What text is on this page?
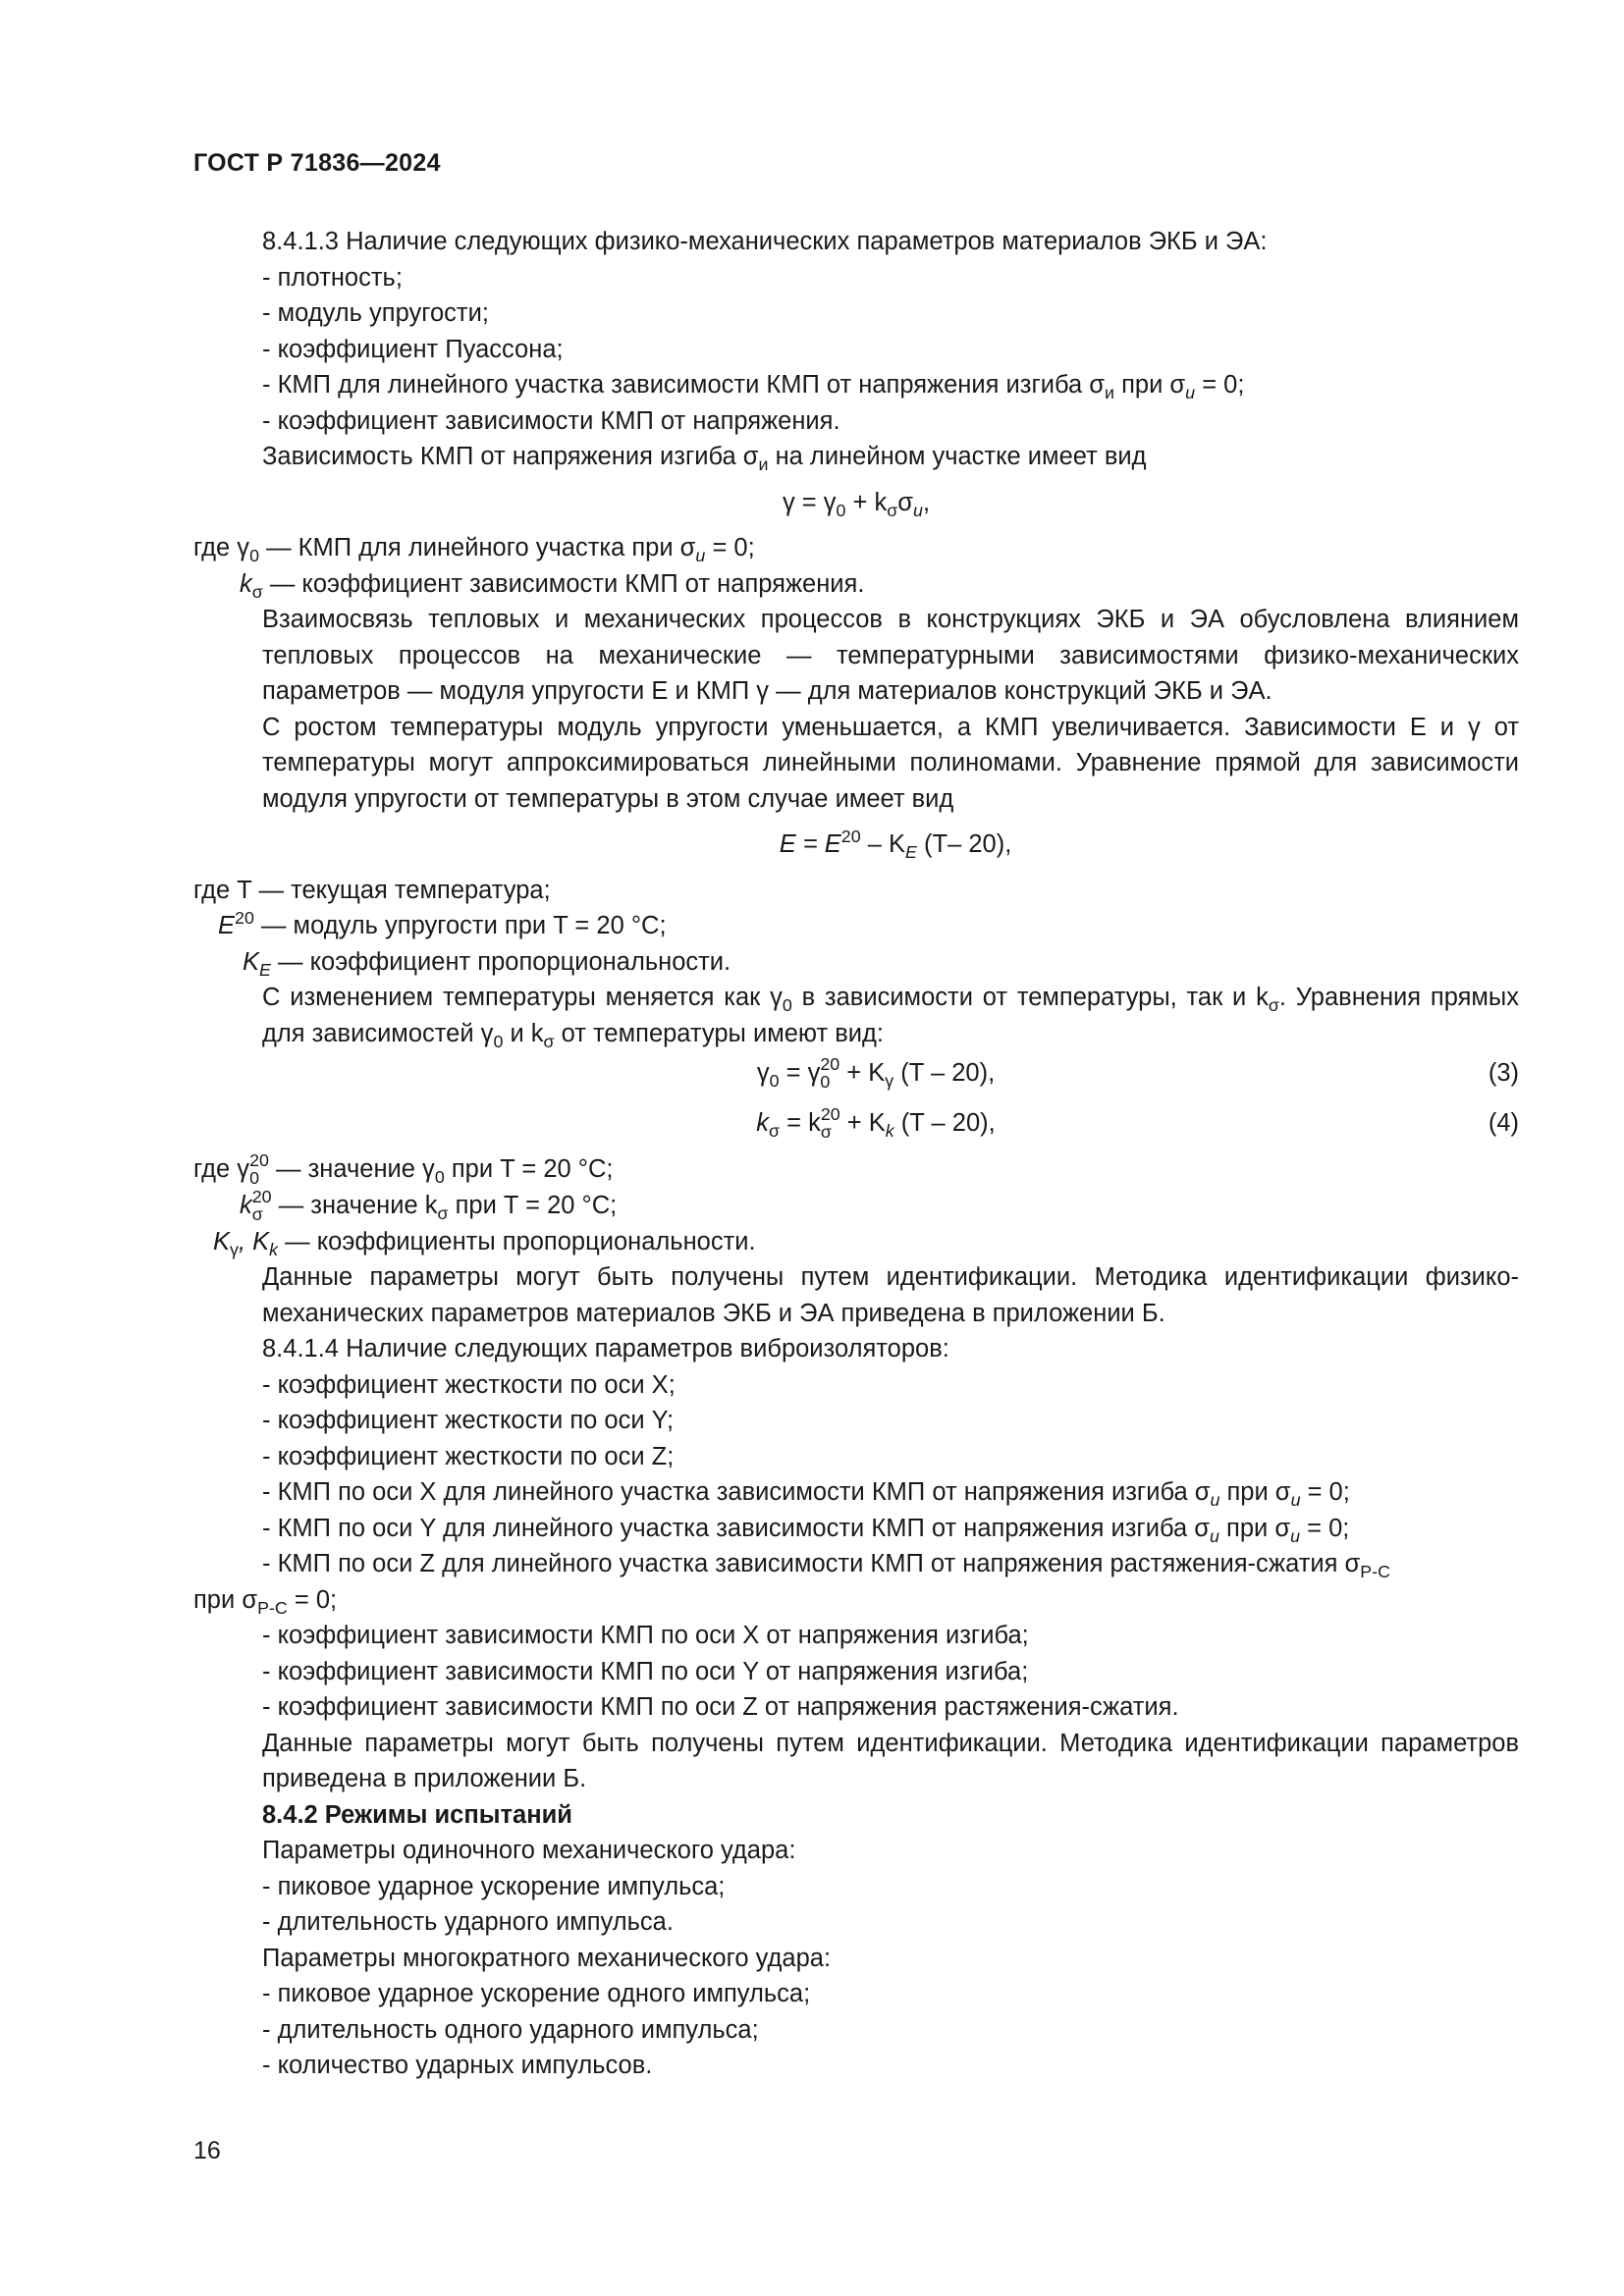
ГОСТ Р 71836—2024

8.4.1.3 Наличие следующих физико-механических параметров материалов ЭКБ и ЭА:

- плотность;

- модуль упругости;

- коэффициент Пуассона;

- КМП для линейного участка зависимости КМП от напряжения изгиба $\sigma_и$ при $\sigma_u = 0$;

- коэффициент зависимости КМП от напряжения.

Зависимость КМП от напряжения изгиба $\sigma_и$ на линейном участке имеет вид

$\gamma = \gamma_0 + k_\sigma\sigma_u$,

где $\gamma_0$ — КМП для линейного участка при $\sigma_u = 0$;

$k_\sigma$ — коэффициент зависимости КМП от напряжения.

Взаимосвязь тепловых и механических процессов в конструкциях ЭКБ и ЭА обусловлена влиянием тепловых процессов на механические — температурными зависимостями физико-механических параметров — модуля упругости E и КМП γ — для материалов конструкций ЭКБ и ЭА.

С ростом температуры модуль упругости уменьшается, а КМП увеличивается. Зависимости E и γ от температуры могут аппроксимироваться линейными полиномами. Уравнение прямой для зависимости модуля упругости от температуры в этом случае имеет вид

$E = E^{20} - K_E$ (T– 20),

где T — текущая температура;

$E^{20}$ — модуль упругости при T = 20 °C;

$K_E$ — коэффициент пропорциональности.

С изменением температуры меняется как $\gamma_0$ в зависимости от температуры, так и $k_\sigma$. Уравнения прямых для зависимостей $\gamma_0$ и $k_\sigma$ от температуры имеют вид:

$\gamma_0 = \gamma$ 20
$0 + K_\gamma$ (T – 20),	(3)
$k_\sigma = k$ 20
$\sigma + K_k$ (T – 20),	(4)

где γ 20
0 — значение $\gamma_0$ при T = 20 °C;

k 20
σ — значение $k_\sigma$ при T = 20 °C;

$K_\gamma$, $K_k$ — коэффициенты пропорциональности.

Данные параметры могут быть получены путем идентификации. Методика идентификации физико-механических параметров материалов ЭКБ и ЭА приведена в приложении Б.

8.4.1.4 Наличие следующих параметров виброизоляторов:

- коэффициент жесткости по оси X;

- коэффициент жесткости по оси Y;

- коэффициент жесткости по оси Z;

- КМП по оси X для линейного участка зависимости КМП от напряжения изгиба $\sigma_u$ при $\sigma_u = 0$;

- КМП по оси Y для линейного участка зависимости КМП от напряжения изгиба $\sigma_u$ при $\sigma_u = 0$;

- КМП по оси Z для линейного участка зависимости КМП от напряжения растяжения-сжатия $\sigma_{Р-С}$

при $\sigma_{Р-С} = 0$;

- коэффициент зависимости КМП по оси X от напряжения изгиба;

- коэффициент зависимости КМП по оси Y от напряжения изгиба;

- коэффициент зависимости КМП по оси Z от напряжения растяжения-сжатия.

Данные параметры могут быть получены путем идентификации. Методика идентификации параметров приведена в приложении Б.

8.4.2 Режимы испытаний

Параметры одиночного механического удара:

- пиковое ударное ускорение импульса;

- длительность ударного импульса.

Параметры многократного механического удара:

- пиковое ударное ускорение одного импульса;

- длительность одного ударного импульса;

- количество ударных импульсов.

16
